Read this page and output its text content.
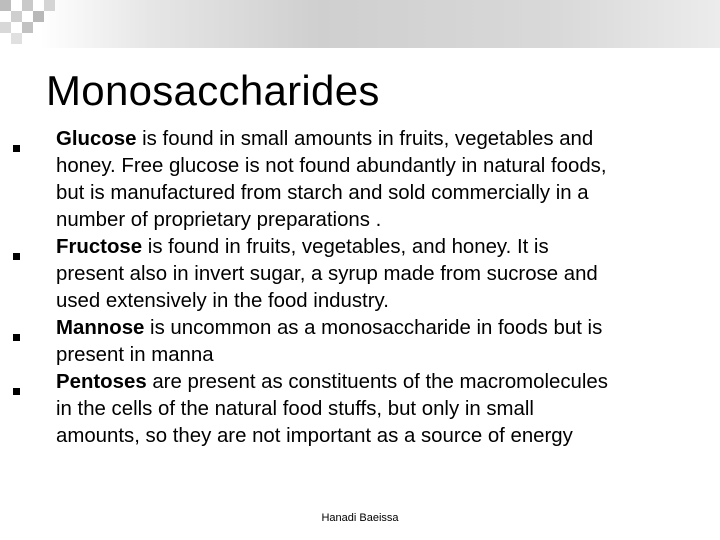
Monosaccharides
Glucose is found in small amounts in fruits, vegetables and
honey. Free glucose is not found abundantly in natural foods,
but is manufactured from starch and sold commercially in a
number of proprietary preparations .
Fructose is found in fruits, vegetables, and honey. It is
present also in invert sugar, a syrup made from sucrose and
used extensively in the food industry.
Mannose is uncommon as a monosaccharide in foods but is
present in manna
Pentoses are present as constituents of the macromolecules
in the cells of the natural food stuffs, but only in small
amounts, so they are not important as a source of energy
Hanadi Baeissa
